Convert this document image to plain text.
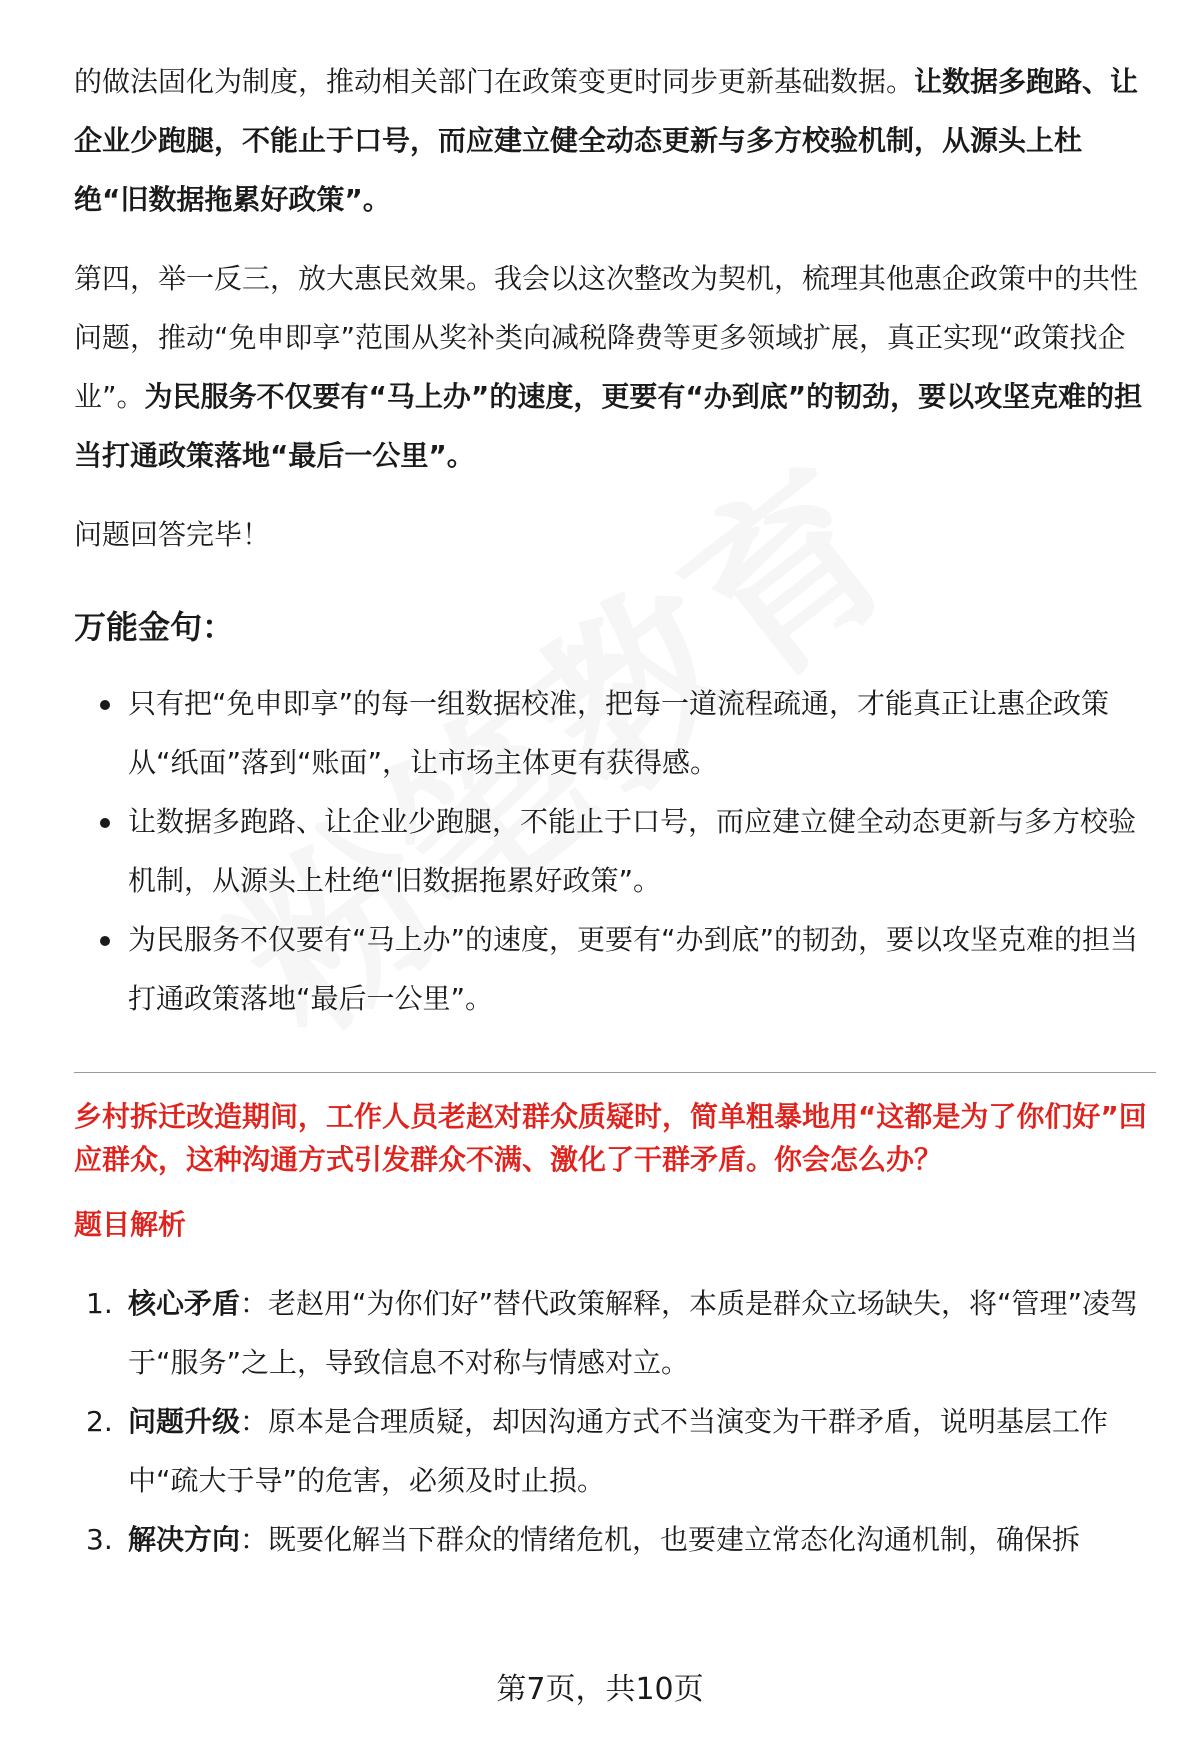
的做法固化为制度，推动相关部门在政策变更时同步更新基础数据。让数据多跑路、让企业少跑腿，不能止于口号，而应建立健全动态更新与多方校验机制，从源头上杜绝“旧数据拖累好政策”。

第四，举一反三，放大惠民效果。我会以这次整改为契机，梳理其他惠企政策中的共性问题，推动“免申即享”范围从奖补类向减税降费等更多领域扩展，真正实现“政策找企业”。为民服务不仅要有“马上办”的速度，更要有“办到底”的韧劲，要以攻坚克难的担当打通政策落地“最后一公里”。

问题回答完毕！

万能金句：
只有把“免申即享”的每一组数据校准，把每一道流程疏通，才能真正让惠企政策从“纸面”落到“账面”，让市场主体更有获得感。
让数据多跑路、让企业少跑腿，不能止于口号，而应建立健全动态更新与多方校验机制，从源头上杜绝“旧数据拖累好政策”。
为民服务不仅要有“马上办”的速度，更要有“办到底”的韧劲，要以攻坚克难的担当打通政策落地“最后一公里”。
乡村拆迁改造期间，工作人员老赵对群众质疑时，简单粗暴地用“这都是为了你们好”回应群众，这种沟通方式引发群众不满、激化了干群矛盾。你会怎么办？
题目解析
1. 核心矛盾：老赵用“为你们好”替代政策解释，本质是群众立场缺失，将“管理”凌驾于“服务”之上，导致信息不对称与情感对立。
2. 问题升级：原本是合理质疑，却因沟通方式不当演变为干群矛盾，说明基层工作中“疏大于导”的危害，必须及时止损。
3. 解决方向：既要化解当下群众的情绪危机，也要建立常态化沟通机制，确保拆
第7页，共10页
